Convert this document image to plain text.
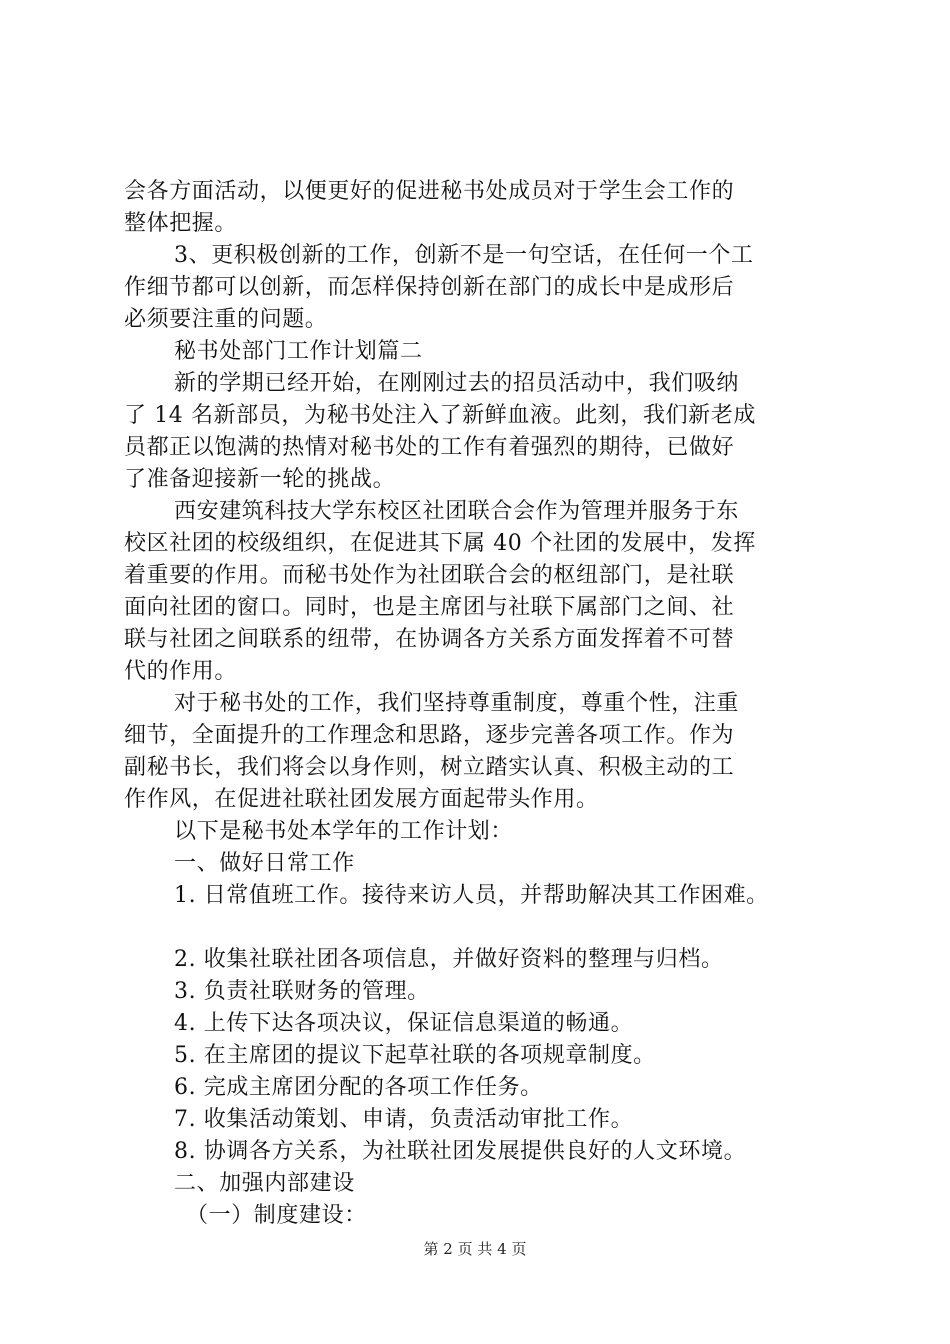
会各方面活动，以便更好的促进秘书处成员对于学生会工作的
整体把握。
3、更积极创新的工作，创新不是一句空话，在任何一个工
作细节都可以创新，而怎样保持创新在部门的成长中是成形后
必须要注重的问题。
秘书处部门工作计划篇二
新的学期已经开始，在刚刚过去的招员活动中，我们吸纳
了 14 名新部员，为秘书处注入了新鲜血液。此刻，我们新老成
员都正以饱满的热情对秘书处的工作有着强烈的期待，已做好
了准备迎接新一轮的挑战。
西安建筑科技大学东校区社团联合会作为管理并服务于东
校区社团的校级组织，在促进其下属 40 个社团的发展中，发挥
着重要的作用。而秘书处作为社团联合会的枢纽部门，是社联
面向社团的窗口。同时，也是主席团与社联下属部门之间、社
联与社团之间联系的纽带，在协调各方关系方面发挥着不可替
代的作用。
对于秘书处的工作，我们坚持尊重制度，尊重个性，注重
细节，全面提升的工作理念和思路，逐步完善各项工作。作为
副秘书长，我们将会以身作则，树立踏实认真、积极主动的工
作作风，在促进社联社团发展方面起带头作用。
以下是秘书处本学年的工作计划：
一、做好日常工作
1. 日常值班工作。接待来访人员，并帮助解决其工作困难。
2. 收集社联社团各项信息，并做好资料的整理与归档。
3. 负责社联财务的管理。
4. 上传下达各项决议，保证信息渠道的畅通。
5. 在主席团的提议下起草社联的各项规章制度。
6. 完成主席团分配的各项工作任务。
7. 收集活动策划、申请，负责活动审批工作。
8. 协调各方关系，为社联社团发展提供良好的人文环境。
二、加强内部建设
（一）制度建设：
第 2 页 共 4 页
